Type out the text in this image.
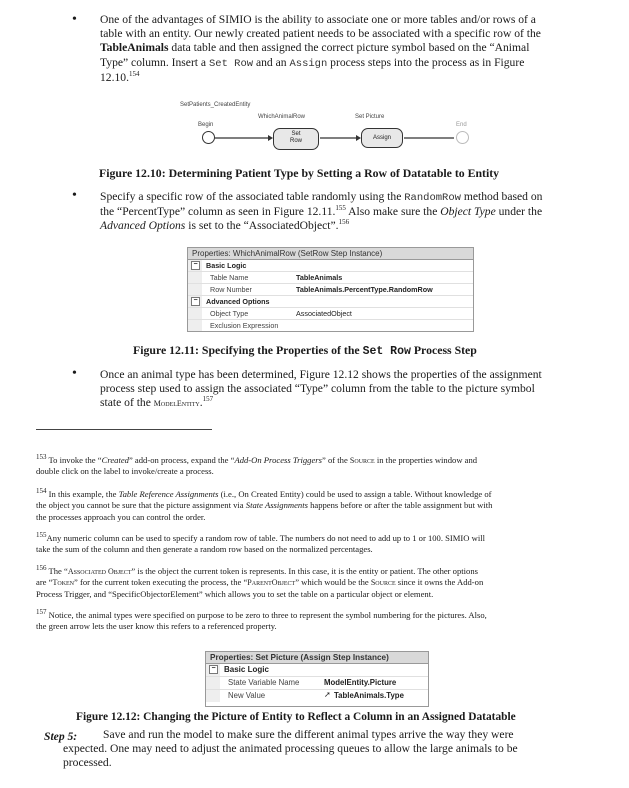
• One of the advantages of SIMIO is the ability to associate one or more tables and/or rows of a
table with an entity. Our newly created patient needs to be associated with a specific row of the
TableAnimals data table and then assigned the correct picture symbol based on the “Animal
Type” column. Insert a Set Row and an Assign process steps into the process as in Figure
12.10.$^{154}$
SetPatients_CreatedEntity
Begin
WhichAnimalRow	Set Picture
End
Set
Row	Assign
Figure 12.10: Determining Patient Type by Setting a Row of Datatable to Entity
• Specify a specific row of the associated table randomly using the RandomRow method based on
the “PercentType” column as seen in Figure 12.11.$^{155}$ Also make sure the Object Type under the
Advanced Options is set to the “AssociatedObject”.$^{156}$
Properties: WhichAnimalRow (SetRow Step Instance)
−	Basic Logic
Table Name	TableAnimals
Row Number	TableAnimals.PercentType.RandomRow
−	Advanced Options
Object Type	AssociatedObject
Exclusion Expression
Figure 12.11: Specifying the Properties of the Set Row Process Step
• Once an animal type has been determined, Figure 12.12 shows the properties of the assignment
process step used to assign the associated “Type” column from the table to the picture symbol
state of the ModelEntity.$^{157}$
$^{153}$ To invoke the “Created” add-on process, expand the “Add-On Process Triggers” of the Source in the properties window and
double click on the label to invoke/create a process.
$^{154}$ In this example, the Table Reference Assignments (i.e., On Created Entity) could be used to assign a table. Without knowledge of
the object you cannot be sure that the picture assignment via State Assignments happens before or after the table assignment but with
the processes approach you can control the order.
$^{155}$Any numeric column can be used to specify a random row of table. The numbers do not need to add up to 1 or 100. SIMIO will
take the sum of the column and then generate a random row based on the normalized percentages.
$^{156}$ The “Associated Object” is the object the current token is represents. In this case, it is the entity or patient. The other options
are “Token” for the current token executing the process, the “ParentObject” which would be the Source since it owns the Add-on
Process Trigger, and “SpecificObjectorElement” which allows you to set the table on a particular object or element.
$^{157}$ Notice, the animal types were specified on purpose to be zero to three to represent the symbol numbering for the pictures. Also,
the green arrow lets the user know this refers to a referenced property.
Properties: Set Picture (Assign Step Instance)
−	Basic Logic
State Variable Name	ModelEntity.Picture
New Value	➚ TableAnimals.Type
Figure 12.12: Changing the Picture of Entity to Reflect a Column in an Assigned Datatable
Step 5: Save and run the model to make sure the different animal types arrive the way they were
expected. One may need to adjust the animated processing queues to allow the large animals to be
processed.
